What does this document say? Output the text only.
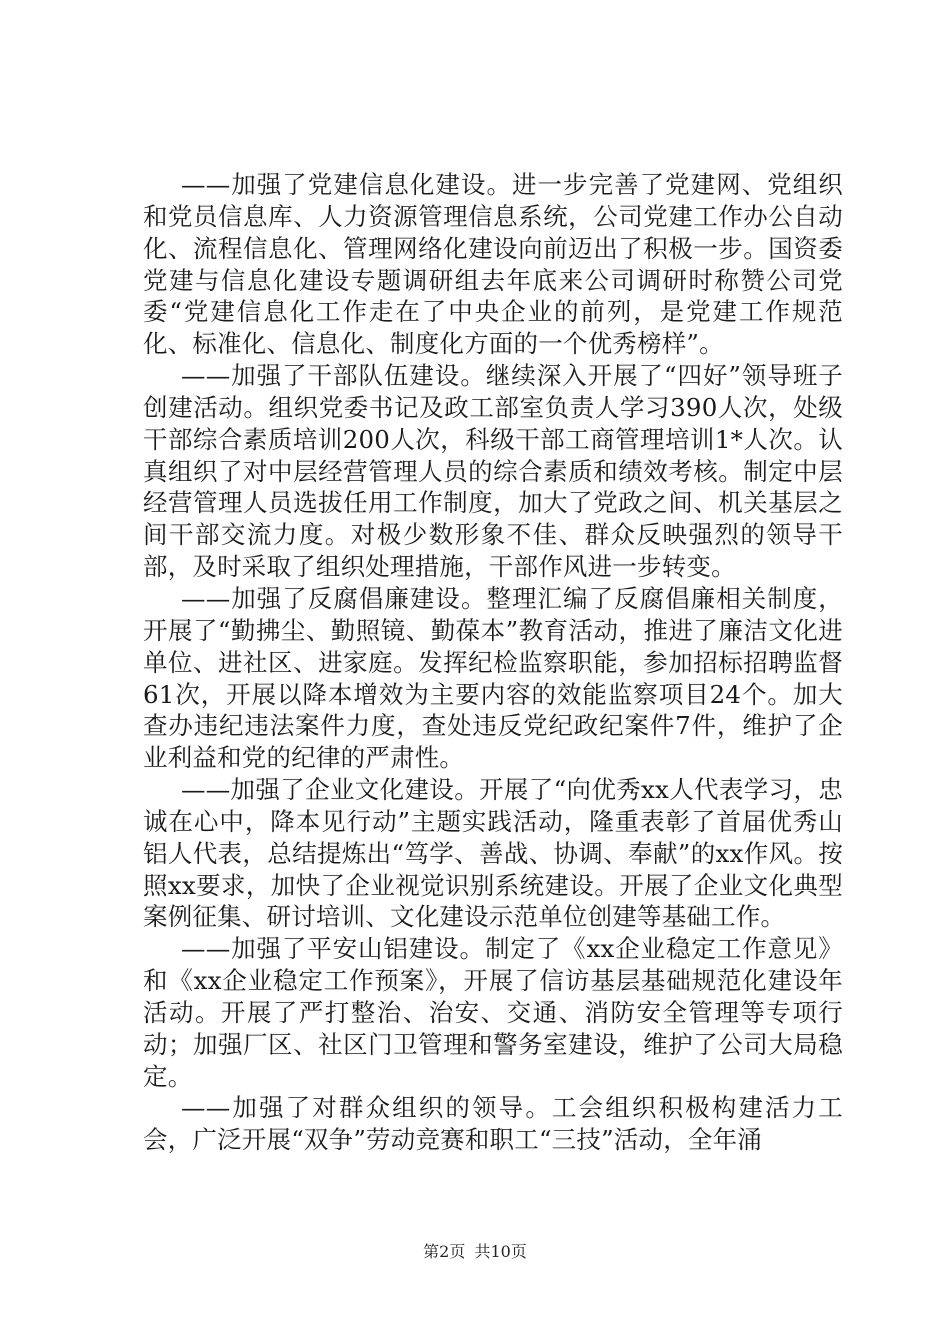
——加强了党建信息化建设。进一步完善了党建网、党组织和党员信息库、人力资源管理信息系统，公司党建工作办公自动化、流程信息化、管理网络化建设向前迈出了积极一步。国资委党建与信息化建设专题调研组去年底来公司调研时称赞公司党委“党建信息化工作走在了中央企业的前列，是党建工作规范化、标准化、信息化、制度化方面的一个优秀榜样”。

——加强了干部队伍建设。继续深入开展了“四好”领导班子创建活动。组织党委书记及政工部室负责人学习390人次，处级干部综合素质培训200人次，科级干部工商管理培训1*人次。认真组织了对中层经营管理人员的综合素质和绩效考核。制定中层经营管理人员选拔任用工作制度，加大了党政之间、机关基层之间干部交流力度。对极少数形象不佳、群众反映强烈的领导干部，及时采取了组织处理措施，干部作风进一步转变。

——加强了反腐倡廉建设。整理汇编了反腐倡廉相关制度，开展了“勤拂尘、勤照镜、勤葆本”教育活动，推进了廉洁文化进单位、进社区、进家庭。发挥纪检监察职能，参加招标招聘监督61次，开展以降本增效为主要内容的效能监察项目24个。加大查办违纪违法案件力度，查处违反党纪政纪案件7件，维护了企业利益和党的纪律的严肃性。

——加强了企业文化建设。开展了“向优秀xx人代表学习，忠诚在心中，降本见行动”主题实践活动，隆重表彰了首届优秀山铝人代表，总结提炼出“笃学、善战、协调、奉献”的xx作风。按照xx要求，加快了企业视觉识别系统建设。开展了企业文化典型案例征集、研讨培训、文化建设示范单位创建等基础工作。

——加强了平安山铝建设。制定了《xx企业稳定工作意见》和《xx企业稳定工作预案》，开展了信访基层基础规范化建设年活动。开展了严打整治、治安、交通、消防安全管理等专项行动；加强厂区、社区门卫管理和警务室建设，维护了公司大局稳定。

——加强了对群众组织的领导。工会组织积极构建活力工会，广泛开展“双争”劳动竞赛和职工“三技”活动，全年涌

第2页 共10页
